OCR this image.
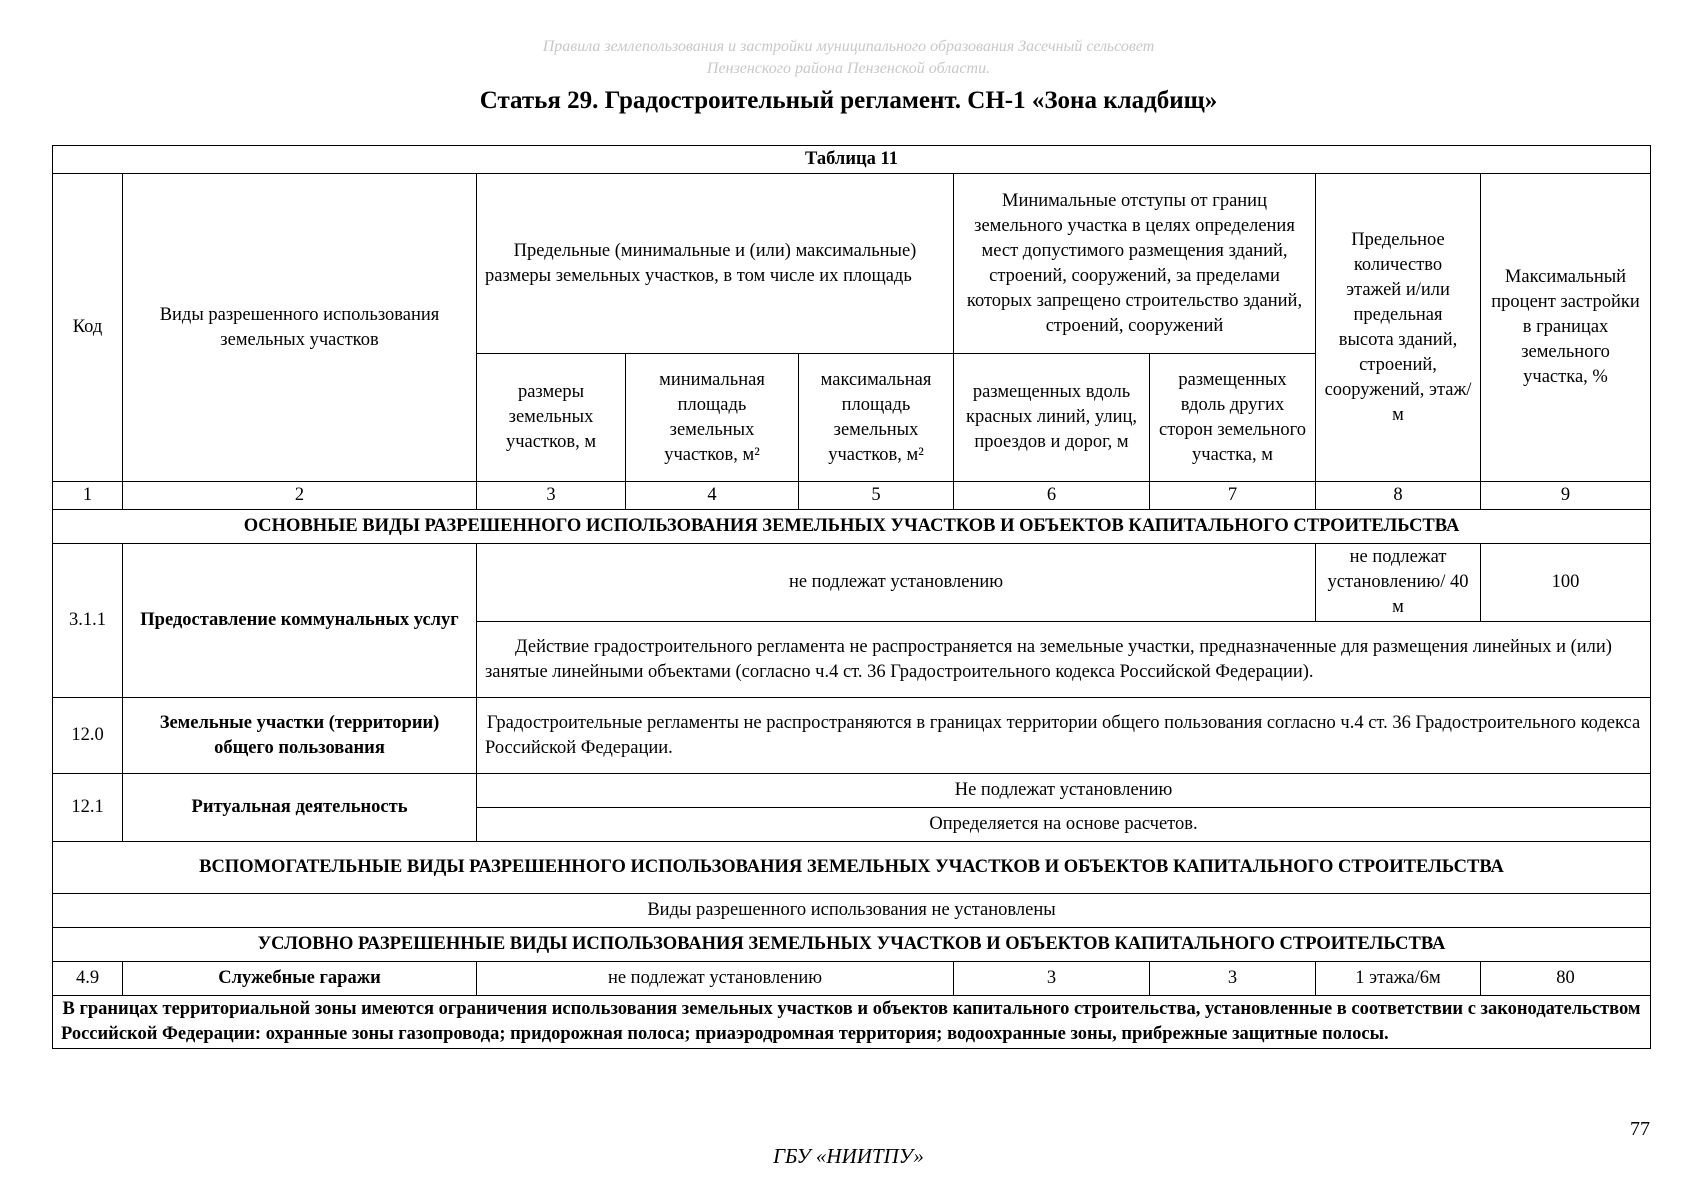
Правила землепользования и застройки муниципального образования Засечный сельсовет
Пензенского района Пензенской области.
Статья 29. Градостроительный регламент. СН-1 «Зона кладбищ»
Таблица 11								
Код	Виды разрешенного использования земельных участков	Предельные (минимальные и (или) максимальные) размеры земельных участков, в том числе их площадь			Минимальные отступы от границ земельного участка в целях определения мест допустимого размещения зданий, строений, сооружений, за пределами которых запрещено строительство зданий, строений, сооружений		Предельное количество этажей и/или предельная высота зданий, строений, сооружений, этаж/м	Максимальный процент застройки в границах земельного участка, %
		размеры земельных участков, м	минимальная площадь земельных участков, м²	максимальная площадь земельных участков, м²	размещенных вдоль красных линий, улиц, проездов и дорог, м	размещенных вдоль других сторон земельного участка, м		
1	2	3	4	5	6	7	8	9
ОСНОВНЫЕ ВИДЫ РАЗРЕШЕННОГО ИСПОЛЬЗОВАНИЯ ЗЕМЕЛЬНЫХ УЧАСТКОВ И ОБЪЕКТОВ КАПИТАЛЬНОГО СТРОИТЕЛЬСТВА								
3.1.1	Предоставление коммунальных услуг	не подлежат установлению					не подлежат установлению/ 40 м	100
		Действие градостроительного регламента не распространяется на земельные участки, предназначенные для размещения линейных и (или) занятые линейными объектами (согласно ч.4 ст. 36 Градостроительного кодекса Российской Федерации).						
12.0	Земельные участки (территории) общего пользования	Градостроительные регламенты не распространяются в границах территории общего пользования согласно ч.4 ст. 36 Градостроительного кодекса Российской Федерации.						
12.1	Ритуальная деятельность	Не подлежат установлению						
		Определяется на основе расчетов.						
ВСПОМОГАТЕЛЬНЫЕ ВИДЫ РАЗРЕШЕННОГО ИСПОЛЬЗОВАНИЯ ЗЕМЕЛЬНЫХ УЧАСТКОВ И ОБЪЕКТОВ КАПИТАЛЬНОГО СТРОИТЕЛЬСТВА								
Виды разрешенного использования не установлены								
УСЛОВНО РАЗРЕШЕННЫЕ ВИДЫ ИСПОЛЬЗОВАНИЯ ЗЕМЕЛЬНЫХ УЧАСТКОВ И ОБЪЕКТОВ КАПИТАЛЬНОГО СТРОИТЕЛЬСТВА								
4.9	Служебные гаражи	не подлежат установлению			3	3	1 этажа/6м	80
В границах территориальной зоны имеются ограничения использования земельных участков и объектов капитального строительства, установленные в соответствии с законодательством Российской Федерации: охранные зоны газопровода; придорожная полоса; приаэродромная территория; водоохранные зоны, прибрежные защитные полосы.								
77
ГБУ «НИИТПУ»
